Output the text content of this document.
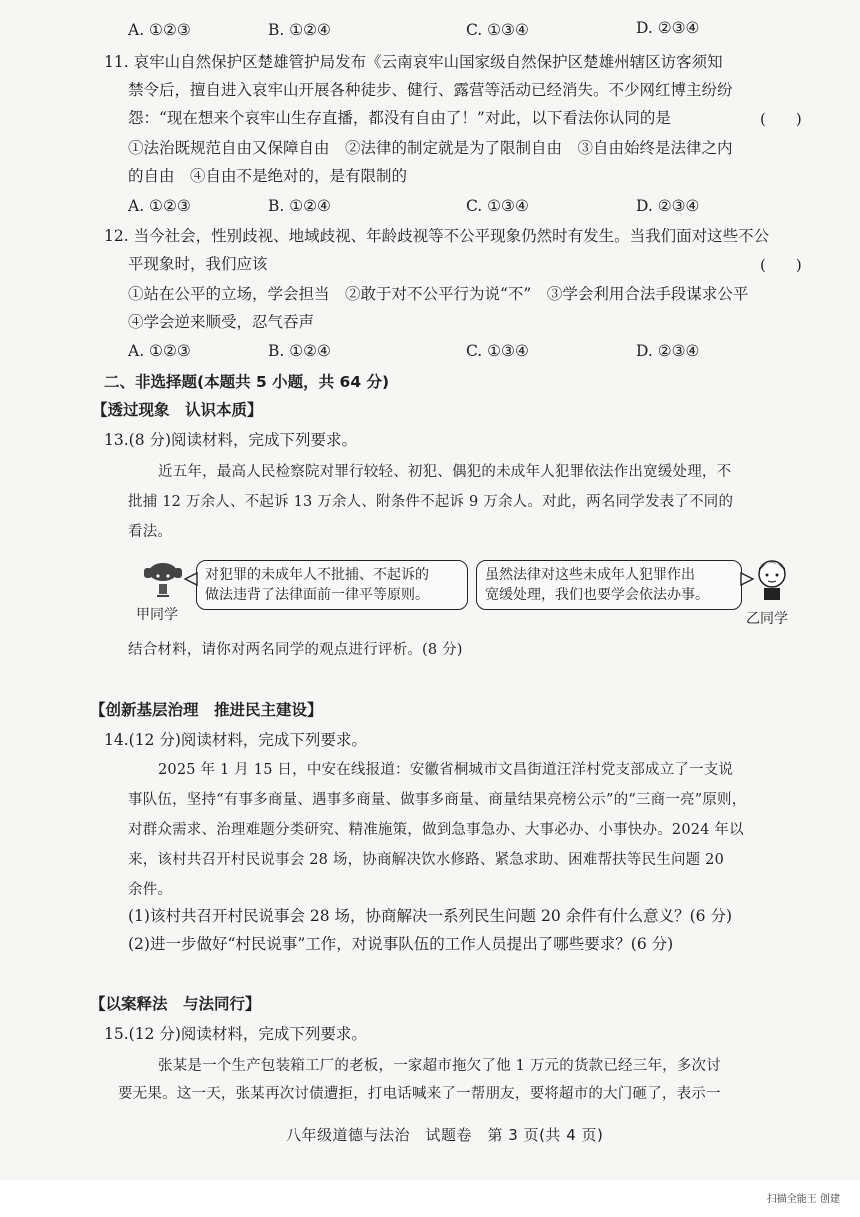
A. ①②③	B. ①②④	C. ①③④	D. ②③④
11. 哀牢山自然保护区楚雄管护局发布《云南哀牢山国家级自然保护区楚雄州辖区访客须知
禁令后，擅自进入哀牢山开展各种徒步、健行、露营等活动已经消失。不少网红博主纷纷
怨：“现在想来个哀牢山生存直播，都没有自由了！”对此，以下看法你认同的是	(　　)
①法治既规范自由又保障自由　②法律的制定就是为了限制自由　③自由始终是法律之内
的自由　④自由不是绝对的，是有限制的
A. ①②③	B. ①②④	C. ①③④	D. ②③④
12. 当今社会，性别歧视、地域歧视、年龄歧视等不公平现象仍然时有发生。当我们面对这些不公
平现象时，我们应该	(　　)
①站在公平的立场，学会担当　②敢于对不公平行为说“不”　③学会利用合法手段谋求公平
④学会逆来顺受，忍气吞声
A. ①②③	B. ①②④	C. ①③④	D. ②③④
二、非选择题(本题共 5 小题，共 64 分)
【透过现象　认识本质】
13.(8 分)阅读材料，完成下列要求。
近五年，最高人民检察院对罪行较轻、初犯、偶犯的未成年人犯罪依法作出宽缓处理，不
批捕 12 万余人、不起诉 13 万余人、附条件不起诉 9 万余人。对此，两名同学发表了不同的
看法。
甲同学
对犯罪的未成年人不批捕、不起诉的
做法违背了法律面前一律平等原则。
虽然法律对这些未成年人犯罪作出
宽缓处理，我们也要学会依法办事。
乙同学
结合材料，请你对两名同学的观点进行评析。(8 分)
【创新基层治理　推进民主建设】
14.(12 分)阅读材料，完成下列要求。
2025 年 1 月 15 日，中安在线报道：安徽省桐城市文昌街道汪洋村党支部成立了一支说
事队伍，坚持“有事多商量、遇事多商量、做事多商量、商量结果亮榜公示”的“三商一亮”原则，
对群众需求、治理难题分类研究、精准施策，做到急事急办、大事必办、小事快办。2024 年以
来，该村共召开村民说事会 28 场，协商解决饮水修路、紧急求助、困难帮扶等民生问题 20
余件。
(1)该村共召开村民说事会 28 场，协商解决一系列民生问题 20 余件有什么意义？(6 分)
(2)进一步做好“村民说事”工作，对说事队伍的工作人员提出了哪些要求？(6 分)
【以案释法　与法同行】
15.(12 分)阅读材料，完成下列要求。
张某是一个生产包装箱工厂的老板，一家超市拖欠了他 1 万元的货款已经三年，多次讨
要无果。这一天，张某再次讨债遭拒，打电话喊来了一帮朋友，要将超市的大门砸了，表示一
八年级道德与法治　试题卷　第 3 页(共 4 页)
扫描全能王 创建
